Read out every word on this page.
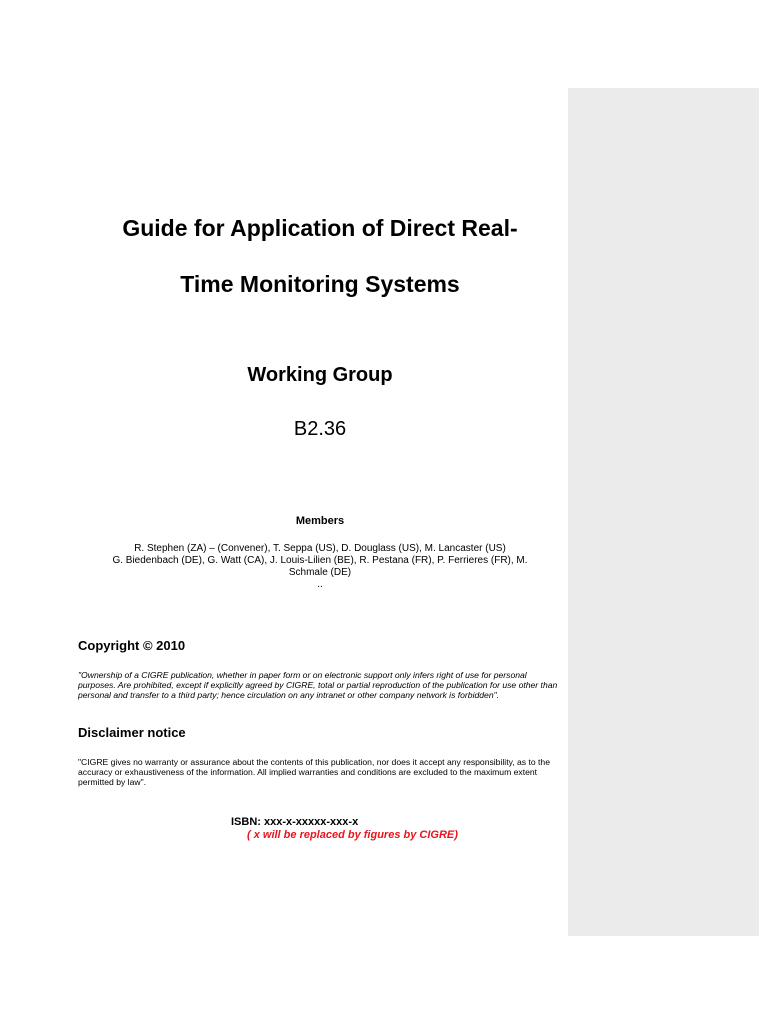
Guide for Application of Direct Real-
Time Monitoring Systems
Working Group
B2.36
Members
R. Stephen (ZA) – (Convener), T. Seppa (US), D. Douglass (US), M. Lancaster (US)
G. Biedenbach (DE), G. Watt (CA), J. Louis-Lilien (BE), R. Pestana (FR), P. Ferrieres (FR), M.
Schmale (DE)
..
Copyright © 2010
"Ownership of a CIGRE publication, whether in paper form or on electronic support only infers right of use for personal purposes. Are prohibited, except if explicitly agreed by CIGRE, total or partial reproduction of the publication for use other than personal and transfer to a third party; hence circulation on any intranet or other company network is forbidden".
Disclaimer notice
"CIGRE gives no warranty or assurance about the contents of this publication, nor does it accept any responsibility, as to the accuracy or exhaustiveness of the information. All implied warranties and conditions are excluded to the maximum extent permitted by law".
ISBN: xxx-x-xxxxx-xxx-x
( x will be replaced by figures by CIGRE)
